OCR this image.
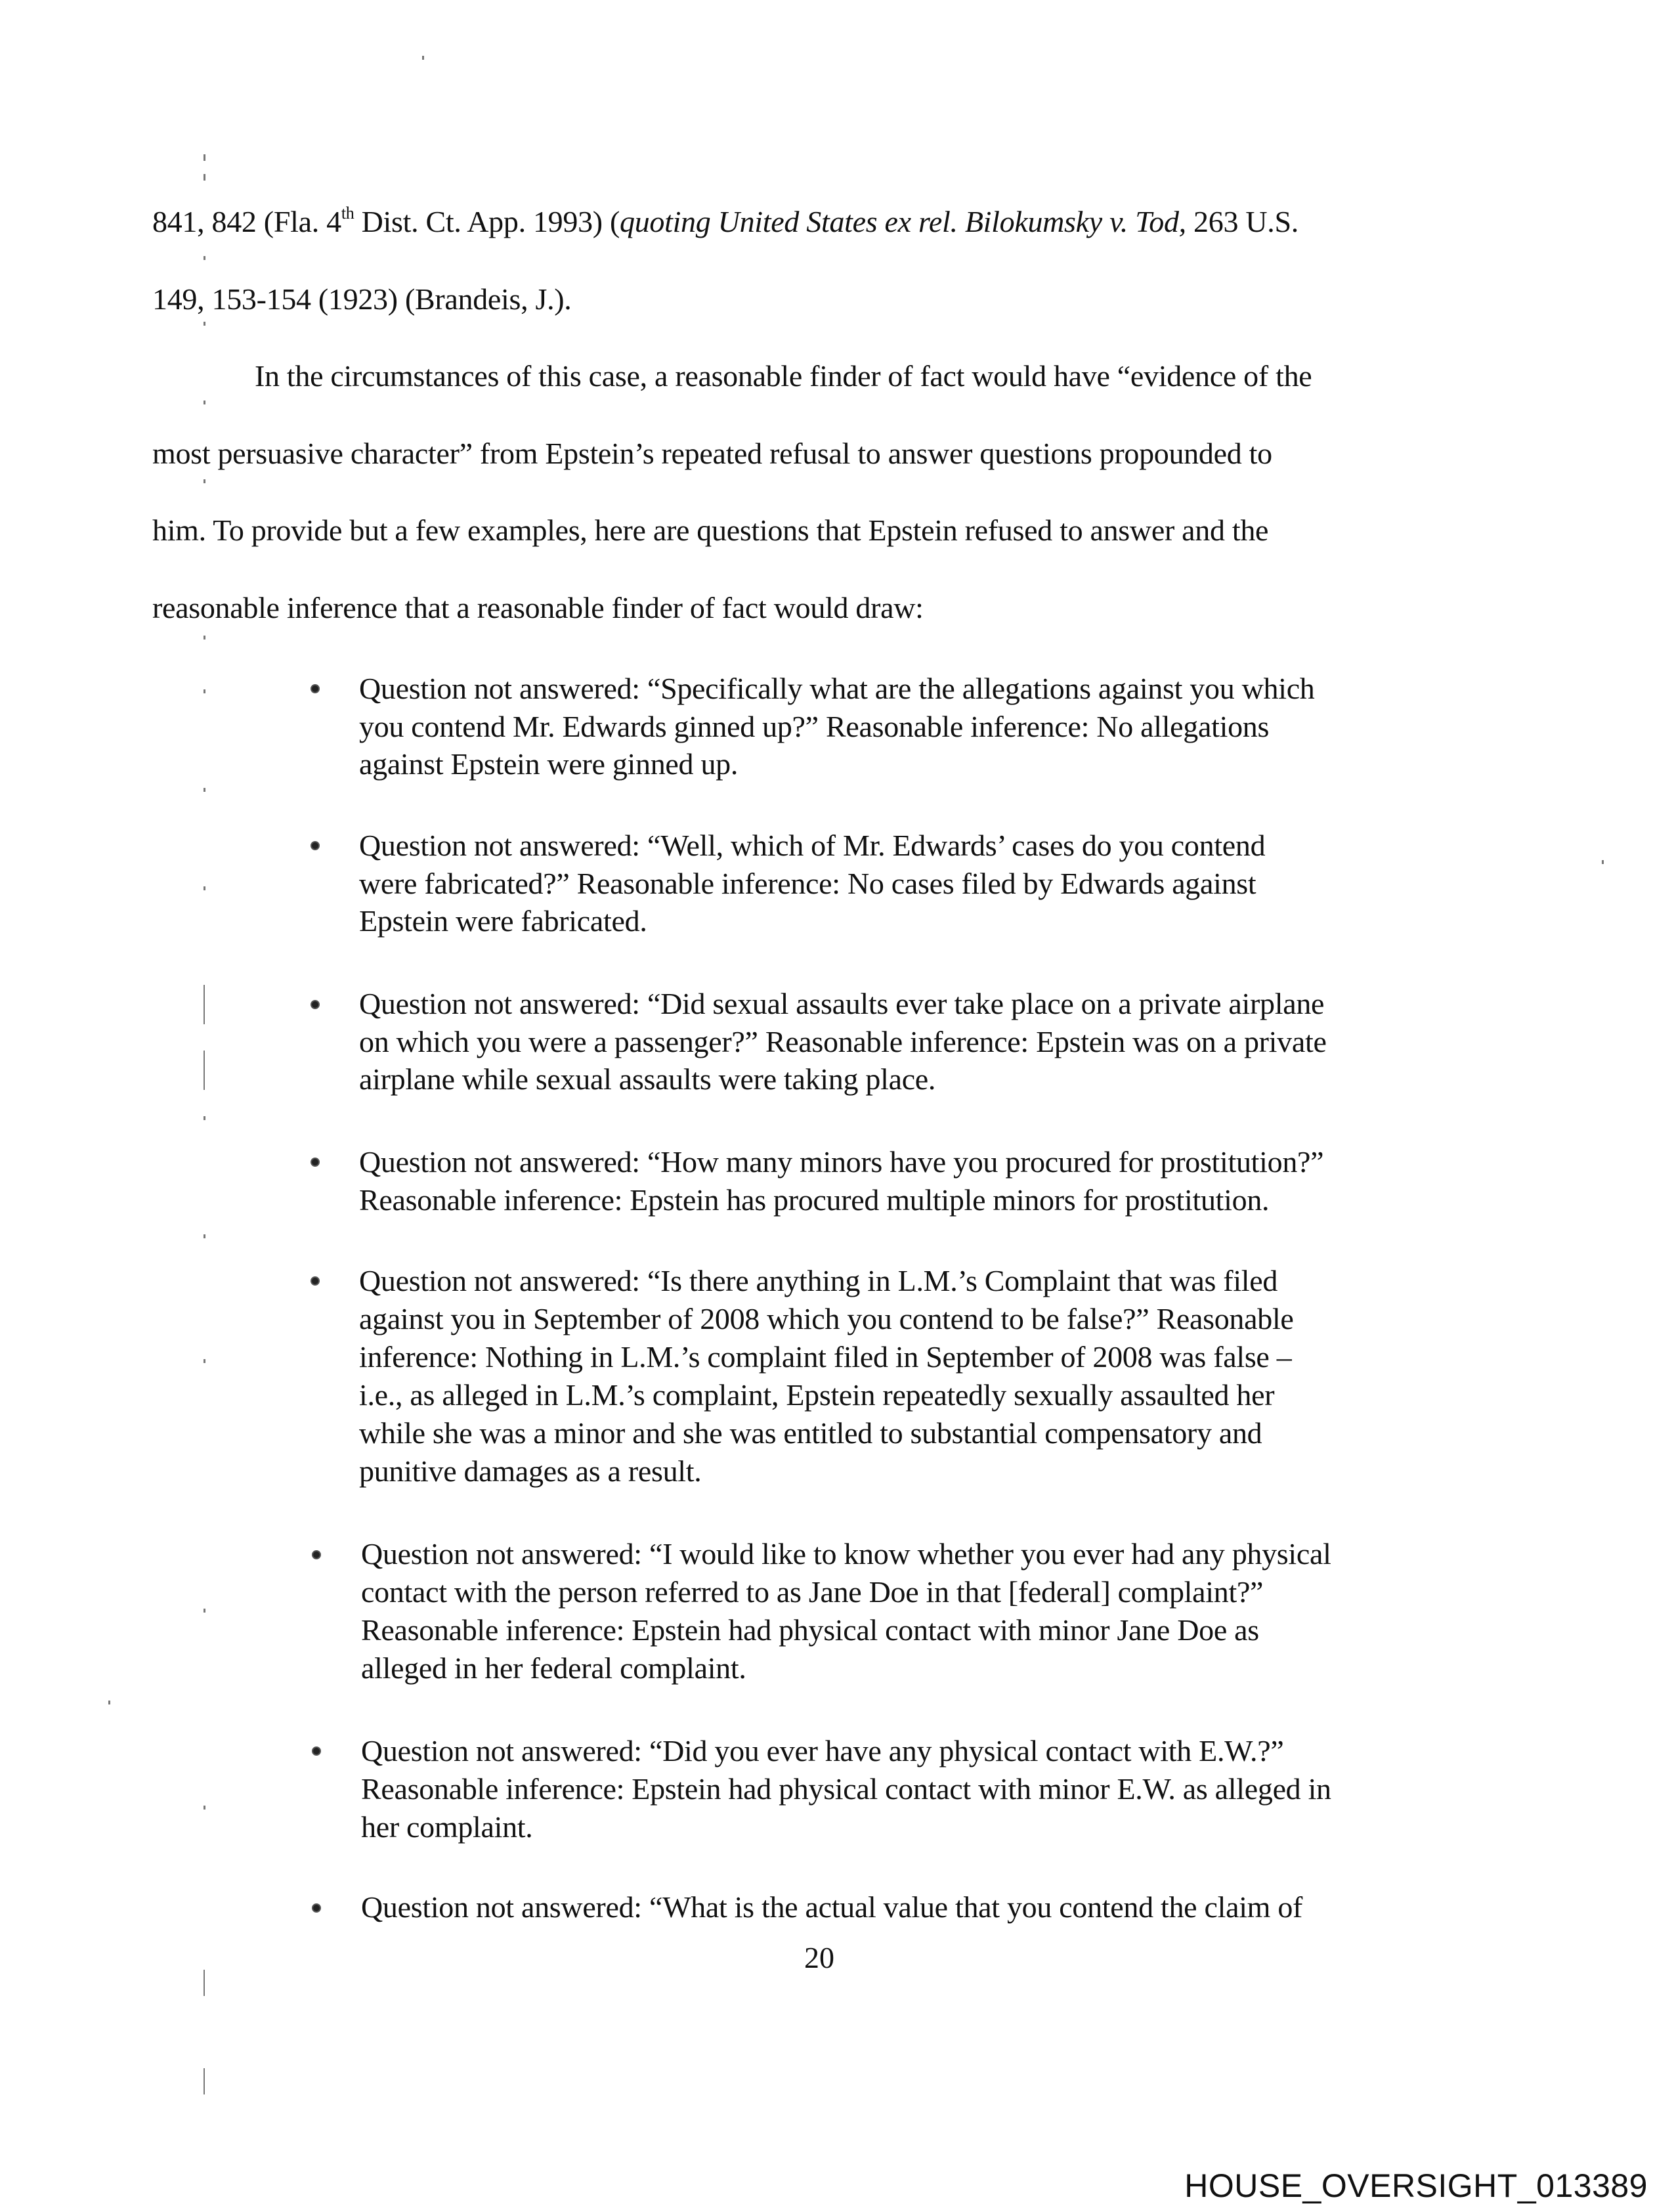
841, 842 (Fla. 4th Dist. Ct. App. 1993) (quoting United States ex rel. Bilokumsky v. Tod, 263 U.S.
149, 153-154 (1923) (Brandeis, J.).
In the circumstances of this case, a reasonable finder of fact would have “evidence of the
most persuasive character” from Epstein’s repeated refusal to answer questions propounded to
him. To provide but a few examples, here are questions that Epstein refused to answer and the
reasonable inference that a reasonable finder of fact would draw:
Question not answered: “Specifically what are the allegations against you which
you contend Mr. Edwards ginned up?” Reasonable inference: No allegations
against Epstein were ginned up.
Question not answered: “Well, which of Mr. Edwards’ cases do you contend
were fabricated?” Reasonable inference: No cases filed by Edwards against
Epstein were fabricated.
Question not answered: “Did sexual assaults ever take place on a private airplane
on which you were a passenger?” Reasonable inference: Epstein was on a private
airplane while sexual assaults were taking place.
Question not answered: “How many minors have you procured for prostitution?”
Reasonable inference: Epstein has procured multiple minors for prostitution.
Question not answered: “Is there anything in L.M.’s Complaint that was filed
against you in September of 2008 which you contend to be false?” Reasonable
inference: Nothing in L.M.’s complaint filed in September of 2008 was false –
i.e., as alleged in L.M.’s complaint, Epstein repeatedly sexually assaulted her
while she was a minor and she was entitled to substantial compensatory and
punitive damages as a result.
Question not answered: “I would like to know whether you ever had any physical
contact with the person referred to as Jane Doe in that [federal] complaint?”
Reasonable inference: Epstein had physical contact with minor Jane Doe as
alleged in her federal complaint.
Question not answered: “Did you ever have any physical contact with E.W.?”
Reasonable inference: Epstein had physical contact with minor E.W. as alleged in
her complaint.
Question not answered: “What is the actual value that you contend the claim of
20
HOUSE_OVERSIGHT_013389
